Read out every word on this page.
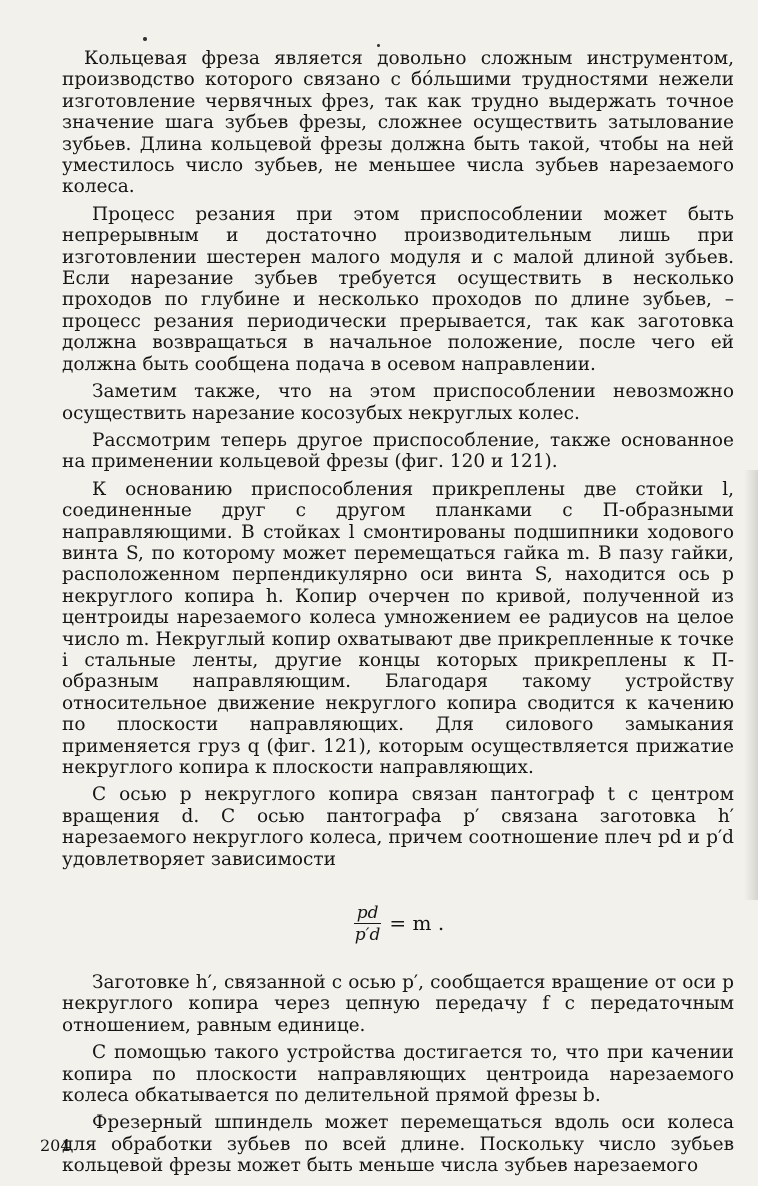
Кольцевая фреза является довольно сложным инструментом, производство которого связано с бо́льшими трудностями нежели изготовление червячных фрез, так как трудно выдержать точное значение шага зубьев фрезы, сложнее осуществить затылование зубьев. Длина кольцевой фрезы должна быть такой, чтобы на ней уместилось число зубьев, не меньшее числа зубьев нарезаемого колеса.

Процесс резания при этом приспособлении может быть непрерывным и достаточно производительным лишь при изготовлении шестерен малого модуля и с малой длиной зубьев. Если нарезание зубьев требуется осуществить в несколько проходов по глубине и несколько проходов по длине зубьев, – процесс резания периодически прерывается, так как заготовка должна возвращаться в начальное положение, после чего ей должна быть сообщена подача в осевом направлении.

Заметим также, что на этом приспособлении невозможно осуществить нарезание косозубых некруглых колес.

Рассмотрим теперь другое приспособление, также основанное на применении кольцевой фрезы (фиг. 120 и 121).

К основанию приспособления прикреплены две стойки l, соединенные друг с другом планками с П-образными направляющими. В стойках l смонтированы подшипники ходового винта S, по которому может перемещаться гайка m. В пазу гайки, расположенном перпендикулярно оси винта S, находится ось p некруглого копира h. Копир очерчен по кривой, полученной из центроиды нарезаемого колеса умножением ее радиусов на целое число m. Некруглый копир охватывают две прикрепленные к точке i стальные ленты, другие концы которых прикреплены к П-образным направляющим. Благодаря такому устройству относительное движение некруглого копира сводится к качению по плоскости направляющих. Для силового замыкания применяется груз q (фиг. 121), которым осуществляется прижатие некруглого копира к плоскости направляющих.

С осью p некруглого копира связан пантограф t с центром вращения d. С осью пантографа p′ связана заготовка h′ нарезаемого некруглого колеса, причем соотношение плеч pd и p′d удовлетворяет зависимости

$\frac{pd}{p'd} = m$ .

Заготовке h′, связанной с осью p′, сообщается вращение от оси p некруглого копира через цепную передачу f с передаточным отношением, равным единице.

С помощью такого устройства достигается то, что при качении копира по плоскости направляющих центроида нарезаемого колеса обкатывается по делительной прямой фрезы b.

Фрезерный шпиндель может перемещаться вдоль оси колеса для обработки зубьев по всей длине. Поскольку число зубьев кольцевой фрезы может быть меньше числа зубьев нарезаемого

204
